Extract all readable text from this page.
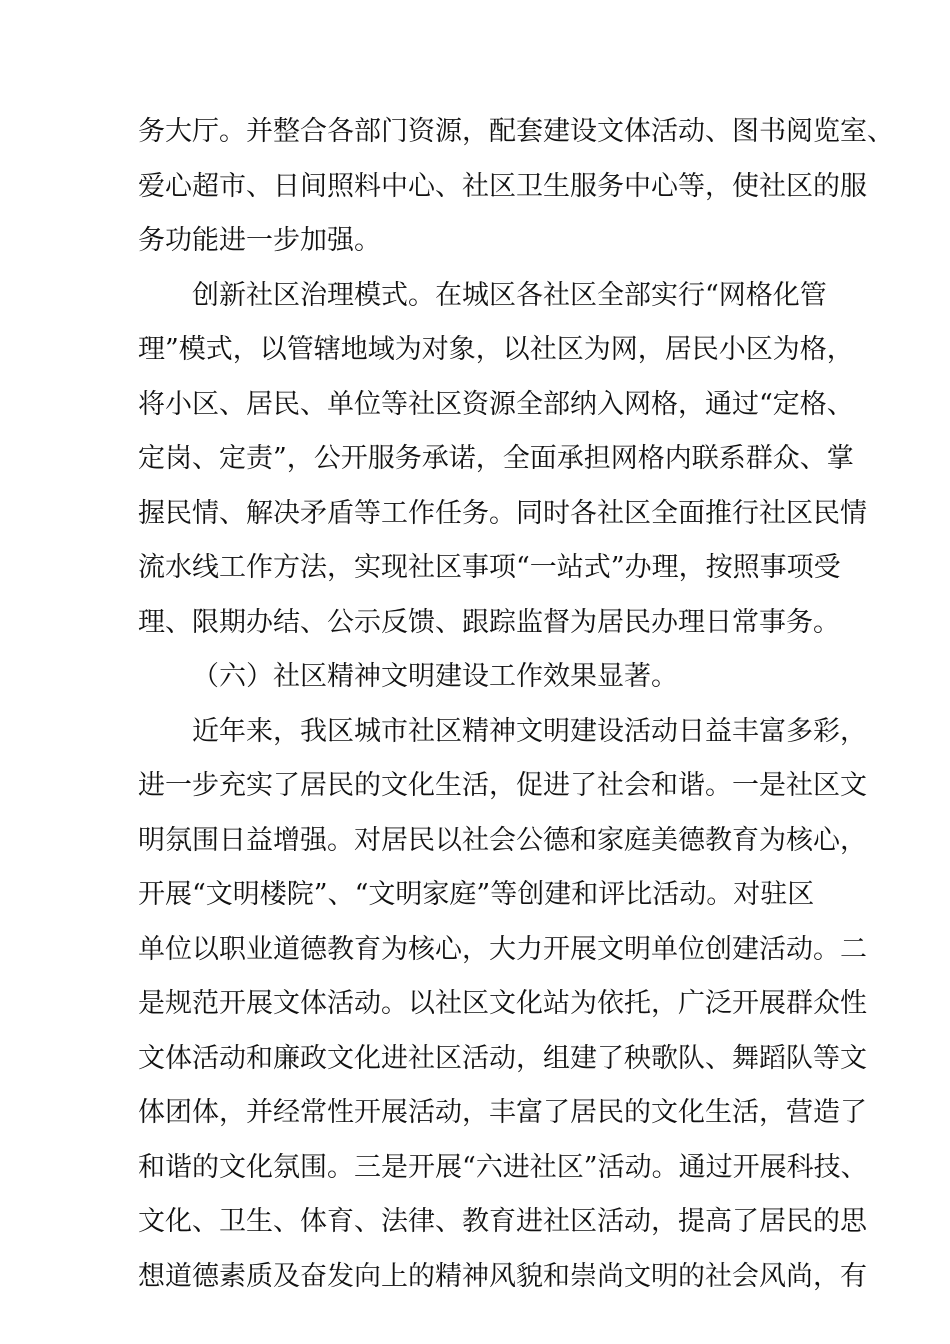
务大厅。并整合各部门资源，配套建设文体活动、图书阅览室、
爱心超市、日间照料中心、社区卫生服务中心等，使社区的服
务功能进一步加强。
创新社区治理模式。在城区各社区全部实行“网格化管
理”模式，以管辖地域为对象，以社区为网，居民小区为格，
将小区、居民、单位等社区资源全部纳入网格，通过“定格、
定岗、定责”，公开服务承诺，全面承担网格内联系群众、掌
握民情、解决矛盾等工作任务。同时各社区全面推行社区民情
流水线工作方法，实现社区事项“一站式”办理，按照事项受
理、限期办结、公示反馈、跟踪监督为居民办理日常事务。
（六）社区精神文明建设工作效果显著。
近年来，我区城市社区精神文明建设活动日益丰富多彩，
进一步充实了居民的文化生活，促进了社会和谐。一是社区文
明氛围日益增强。对居民以社会公德和家庭美德教育为核心，
开展“文明楼院”、“文明家庭”等创建和评比活动。对驻区
单位以职业道德教育为核心，大力开展文明单位创建活动。二
是规范开展文体活动。以社区文化站为依托，广泛开展群众性
文体活动和廉政文化进社区活动，组建了秧歌队、舞蹈队等文
体团体，并经常性开展活动，丰富了居民的文化生活，营造了
和谐的文化氛围。三是开展“六进社区”活动。通过开展科技、
文化、卫生、体育、法律、教育进社区活动，提高了居民的思
想道德素质及奋发向上的精神风貌和崇尚文明的社会风尚，有
